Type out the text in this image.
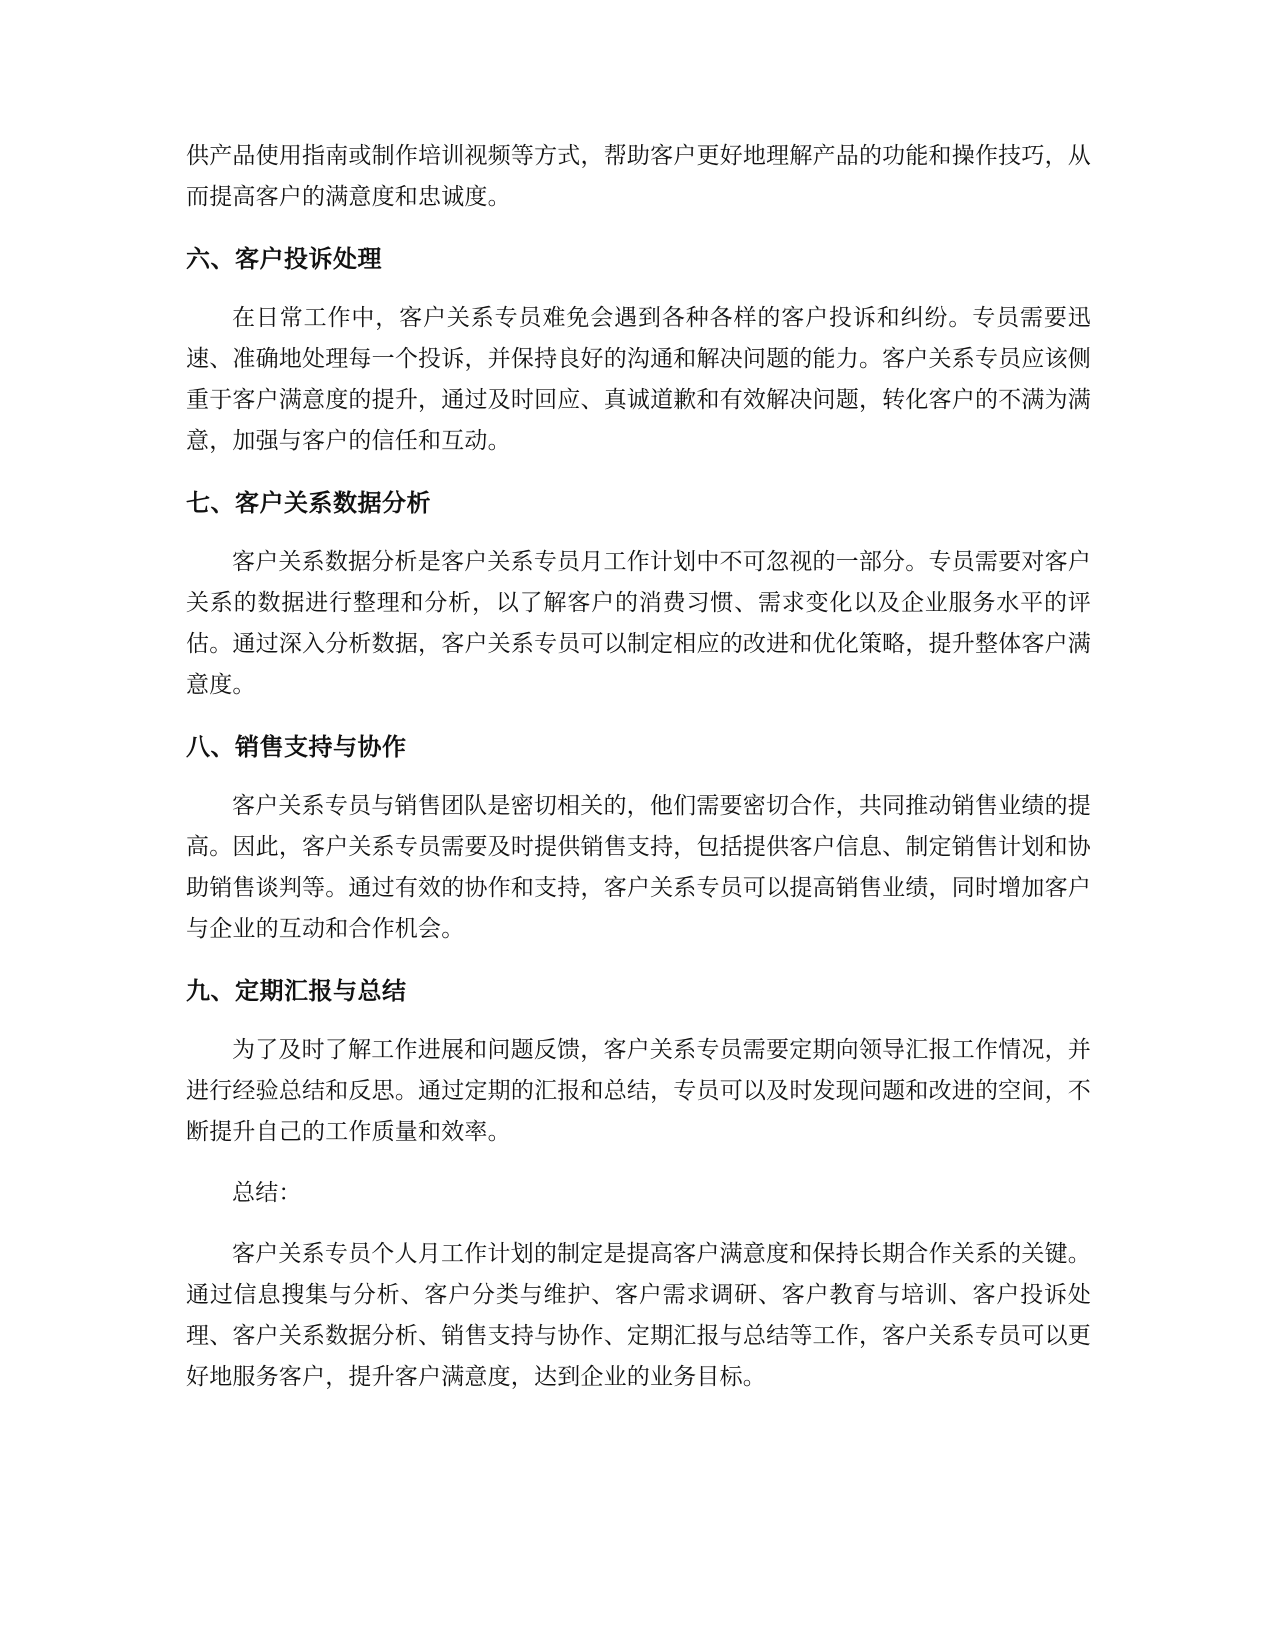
供产品使用指南或制作培训视频等方式，帮助客户更好地理解产品的功能和操作技巧，从而提高客户的满意度和忠诚度。

六、客户投诉处理

在日常工作中，客户关系专员难免会遇到各种各样的客户投诉和纠纷。专员需要迅速、准确地处理每一个投诉，并保持良好的沟通和解决问题的能力。客户关系专员应该侧重于客户满意度的提升，通过及时回应、真诚道歉和有效解决问题，转化客户的不满为满意，加强与客户的信任和互动。

七、客户关系数据分析

客户关系数据分析是客户关系专员月工作计划中不可忽视的一部分。专员需要对客户关系的数据进行整理和分析，以了解客户的消费习惯、需求变化以及企业服务水平的评估。通过深入分析数据，客户关系专员可以制定相应的改进和优化策略，提升整体客户满意度。

八、销售支持与协作

客户关系专员与销售团队是密切相关的，他们需要密切合作，共同推动销售业绩的提高。因此，客户关系专员需要及时提供销售支持，包括提供客户信息、制定销售计划和协助销售谈判等。通过有效的协作和支持，客户关系专员可以提高销售业绩，同时增加客户与企业的互动和合作机会。

九、定期汇报与总结

为了及时了解工作进展和问题反馈，客户关系专员需要定期向领导汇报工作情况，并进行经验总结和反思。通过定期的汇报和总结，专员可以及时发现问题和改进的空间，不断提升自己的工作质量和效率。

总结：

客户关系专员个人月工作计划的制定是提高客户满意度和保持长期合作关系的关键。通过信息搜集与分析、客户分类与维护、客户需求调研、客户教育与培训、客户投诉处理、客户关系数据分析、销售支持与协作、定期汇报与总结等工作，客户关系专员可以更好地服务客户，提升客户满意度，达到企业的业务目标。
